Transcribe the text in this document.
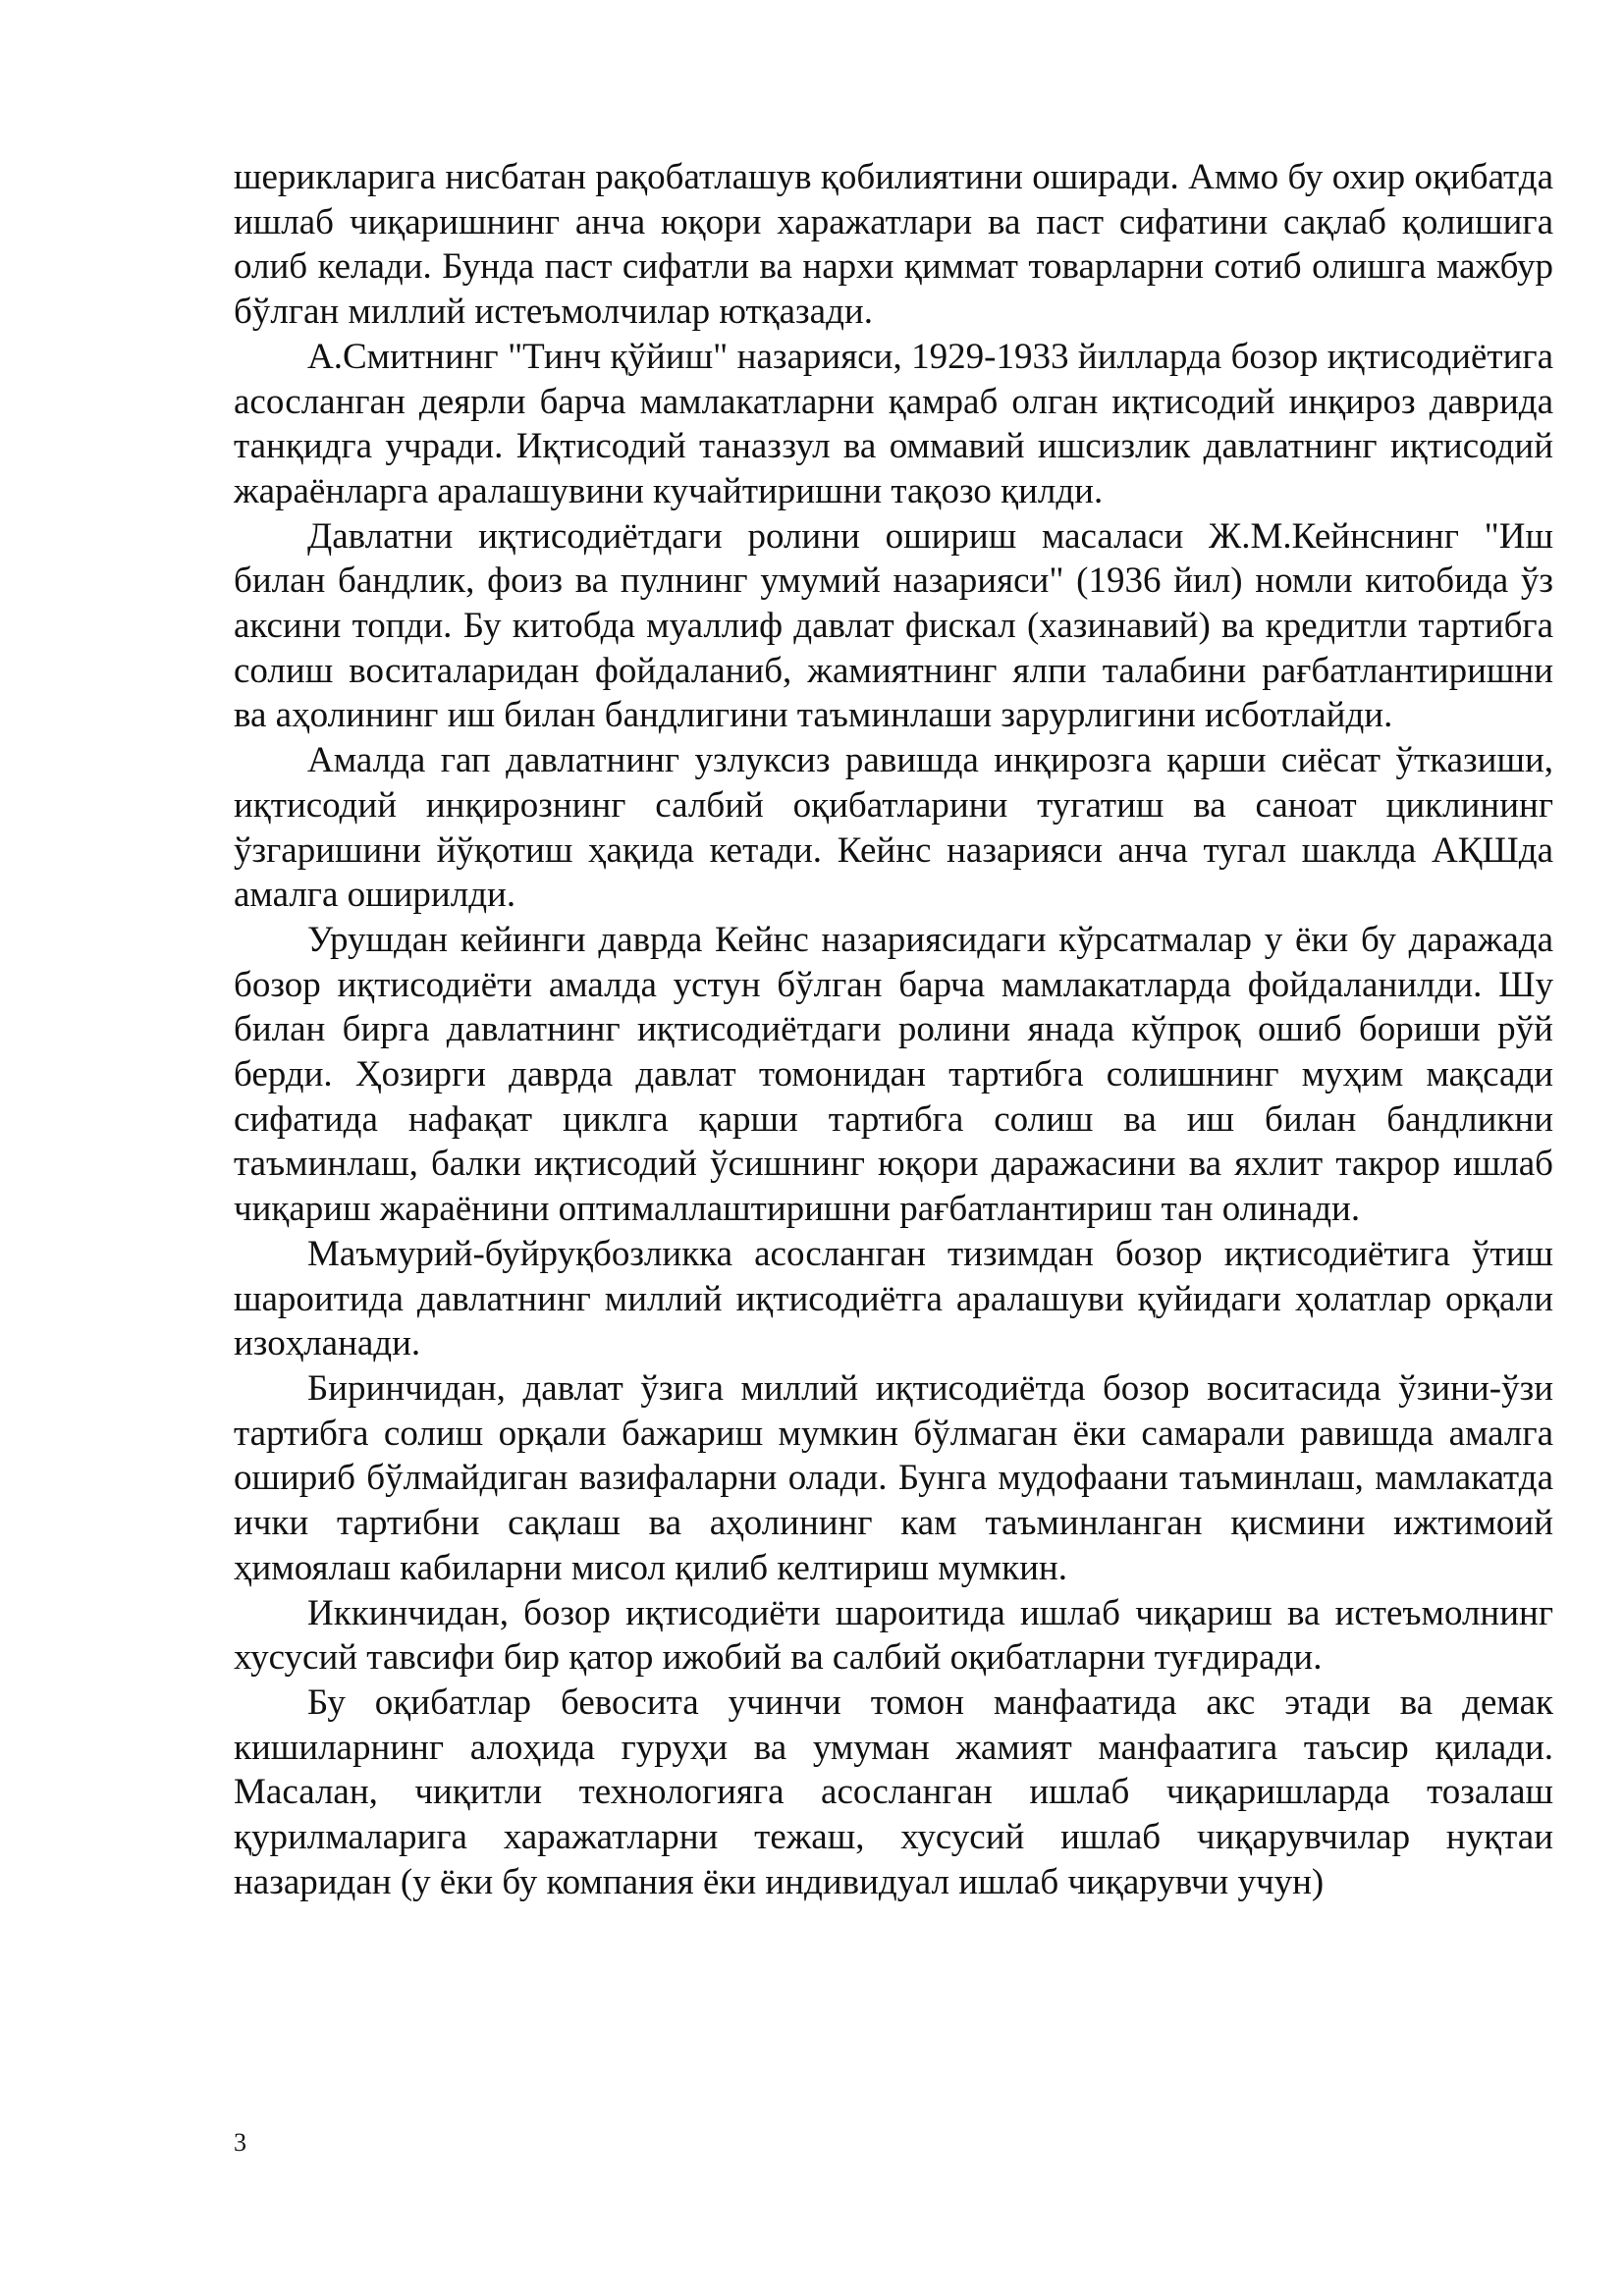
шерикларига нисбатан рақобатлашув қобилиятини оширади. Аммо бу охир оқибатда ишлаб чиқаришнинг анча юқори харажатлари ва паст сифатини сақлаб қолишига олиб келади. Бунда паст сифатли ва нархи қиммат товарларни сотиб олишга мажбур бўлган миллий истеъмолчилар ютқазади.

А.Смитнинг "Тинч қўйиш" назарияси, 1929-1933 йилларда бозор иқтисодиётига асосланган деярли барча мамлакатларни қамраб олган иқтисодий инқироз даврида танқидга учради. Иқтисодий таназзул ва оммавий ишсизлик давлатнинг иқтисодий жараёнларга аралашувини кучайтиришни тақозо қилди.

Давлатни иқтисодиётдаги ролини ошириш масаласи Ж.М.Кейнснинг "Иш билан бандлик, фоиз ва пулнинг умумий назарияси" (1936 йил) номли китобида ўз аксини топди. Бу китобда муаллиф давлат фискал (хазинавий) ва кредитли тартибга солиш воситаларидан фойдаланиб, жамиятнинг ялпи талабини рағбатлантиришни ва аҳолининг иш билан бандлигини таъминлаши зарурлигини исботлайди.

Амалда гап давлатнинг узлуксиз равишда инқирозга қарши сиёсат ўтказиши, иқтисодий инқирознинг салбий оқибатларини тугатиш ва саноат циклининг ўзгаришини йўқотиш ҳақида кетади. Кейнс назарияси анча тугал шаклда АҚШда амалга оширилди.

Урушдан кейинги даврда Кейнс назариясидаги кўрсатмалар у ёки бу даражада бозор иқтисодиёти амалда устун бўлган барча мамлакатларда фойдаланилди. Шу билан бирга давлатнинг иқтисодиётдаги ролини янада кўпроқ ошиб бориши рўй берди. Ҳозирги даврда давлат томонидан тартибга солишнинг муҳим мақсади сифатида нафақат циклга қарши тартибга солиш ва иш билан бандликни таъминлаш, балки иқтисодий ўсишнинг юқори даражасини ва яхлит такрор ишлаб чиқариш жараёнини оптималлаштиришни рағбатлантириш тан олинади.

Маъмурий-буйруқбозликка асосланган тизимдан бозор иқтисодиётига ўтиш шароитида давлатнинг миллий иқтисодиётга аралашуви қуйидаги ҳолатлар орқали изоҳланади.

Биринчидан, давлат ўзига миллий иқтисодиётда бозор воситасида ўзини-ўзи тартибга солиш орқали бажариш мумкин бўлмаган ёки самарали равишда амалга ошириб бўлмайдиган вазифаларни олади. Бунга мудофаани таъминлаш, мамлакатда ички тартибни сақлаш ва аҳолининг кам таъминланган қисмини ижтимоий ҳимоялаш кабиларни мисол қилиб келтириш мумкин.

Иккинчидан, бозор иқтисодиёти шароитида ишлаб чиқариш ва истеъмолнинг хусусий тавсифи бир қатор ижобий ва салбий оқибатларни туғдиради.

Бу оқибатлар бевосита учинчи томон манфаатида акс этади ва демак кишиларнинг алоҳида гуруҳи ва умуман жамият манфаатига таъсир қилади. Масалан, чиқитли технологияга асосланган ишлаб чиқаришларда тозалаш қурилмаларига харажатларни тежаш, хусусий ишлаб чиқарувчилар нуқтаи назаридан (у ёки бу компания ёки индивидуал ишлаб чиқарувчи учун)

3
